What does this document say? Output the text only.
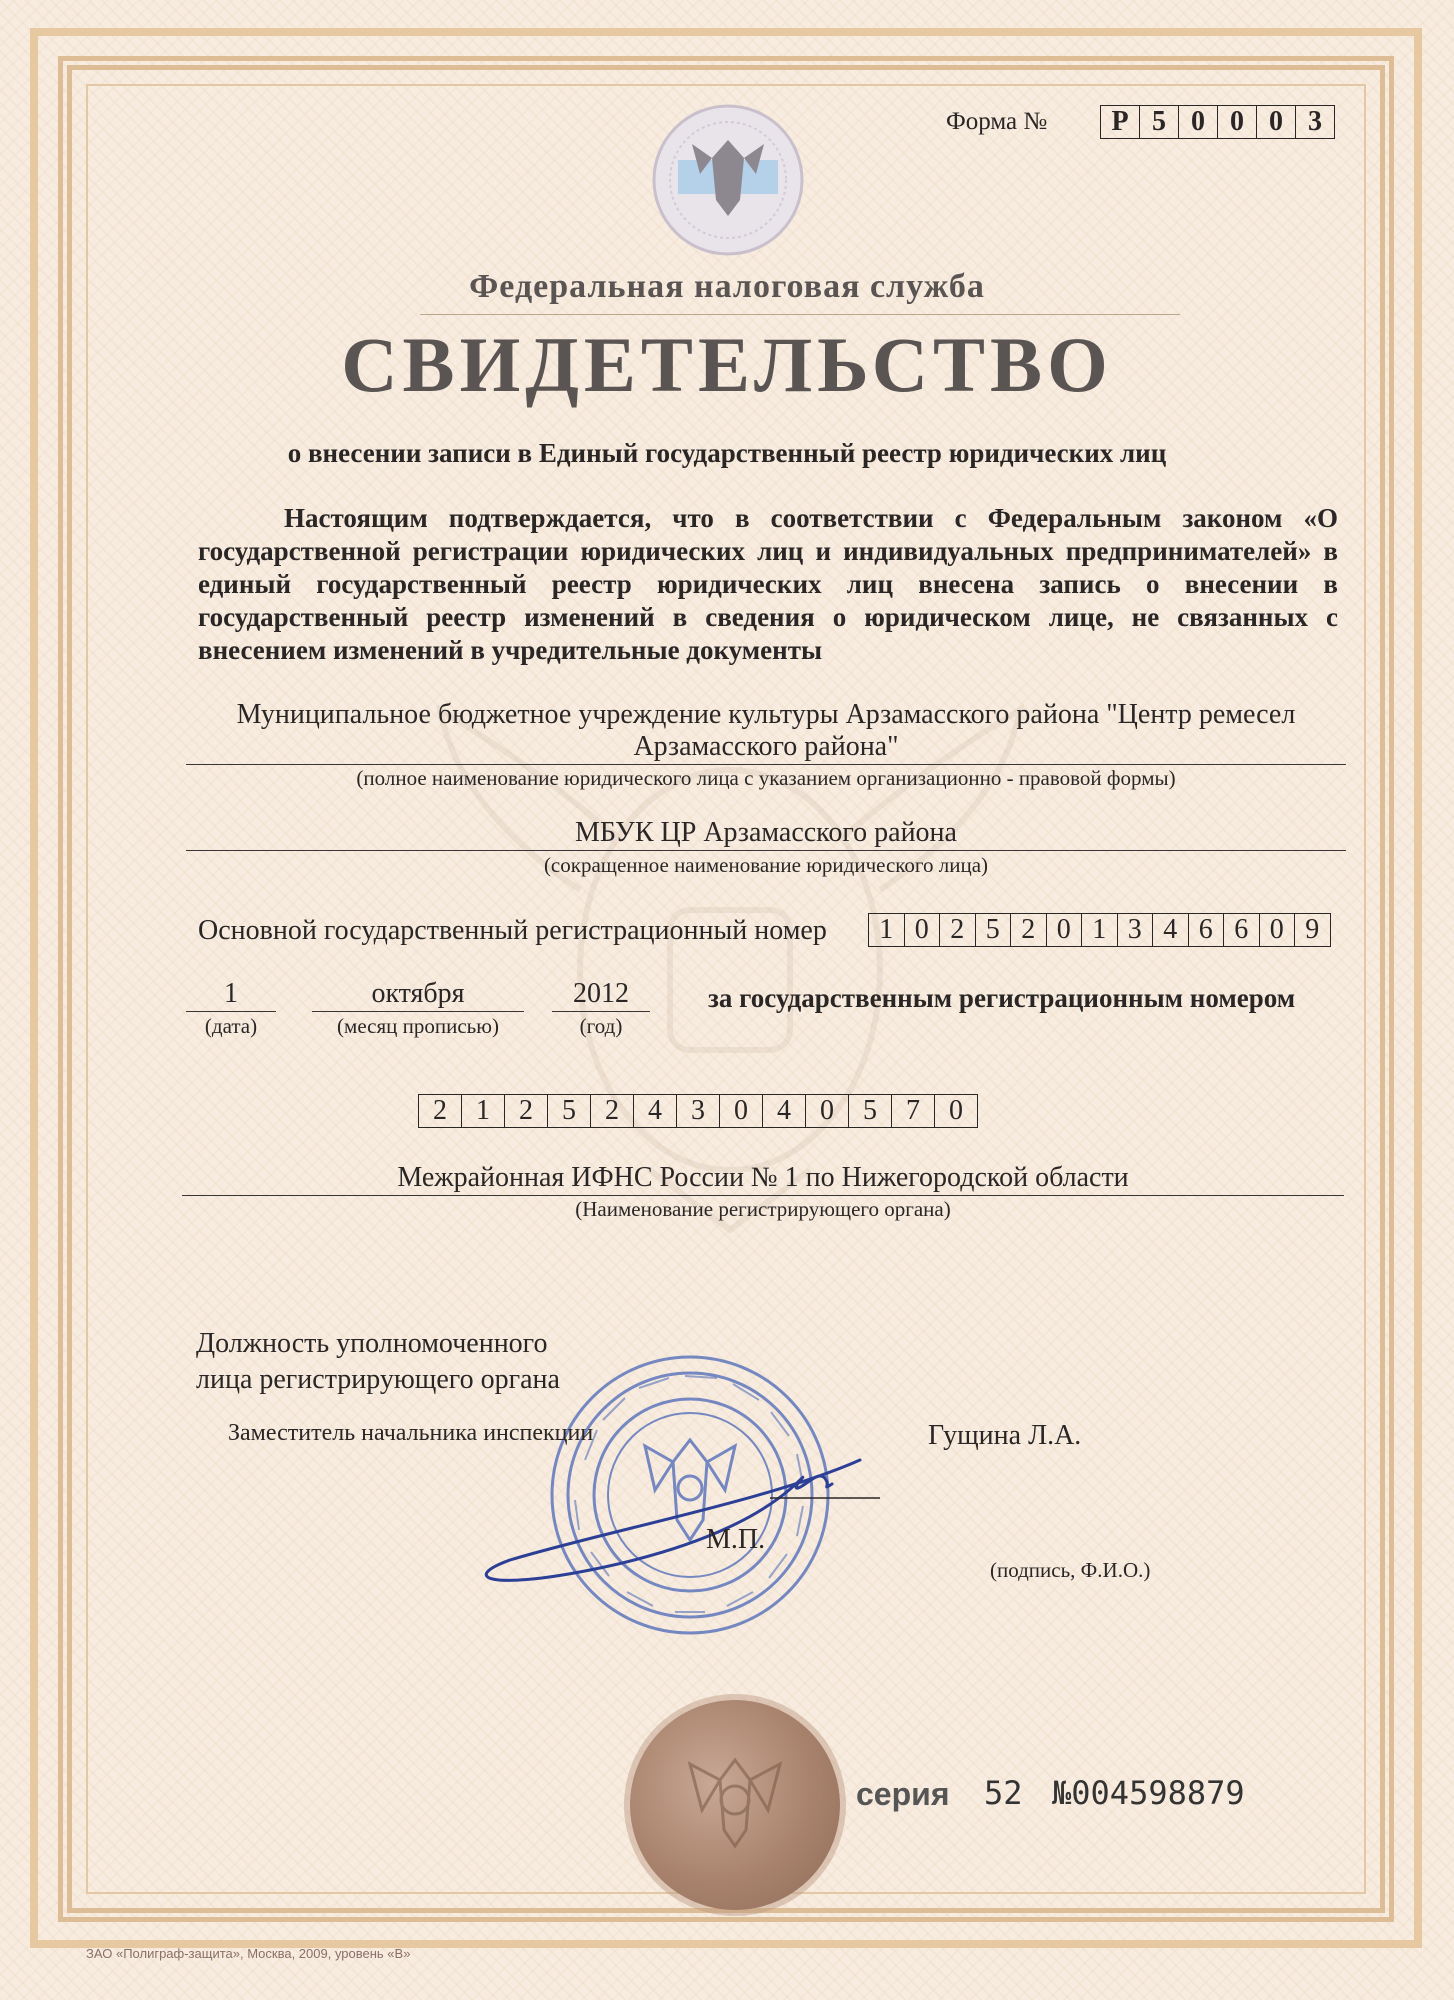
Форма №	Р 5 0 0 0 3
Федеральная налоговая служба
СВИДЕТЕЛЬСТВО
о внесении записи в Единый государственный реестр юридических лиц
Настоящим подтверждается, что в соответствии с Федеральным законом «О государственной регистрации юридических лиц и индивидуальных предпринимателей» в единый государственный реестр юридических лиц внесена запись о внесении в государственный реестр изменений в сведения о юридическом лице, не связанных с внесением изменений в учредительные документы
Муниципальное бюджетное учреждение культуры Арзамасского района "Центр ремесел
Арзамасского района"
(полное наименование юридического лица с указанием организационно - правовой формы)
МБУК ЦР Арзамасского района
(сокращенное наименование юридического лица)
Основной государственный регистрационный номер	1 0 2 5 2 0 1 3 4 6 6 0 9
1
(дата)
октября
(месяц прописью)
2012
(год)
за государственным регистрационным номером
2	1	2	5	2	4	3	0	4	0	5	7	0
Межрайонная ИФНС России № 1 по Нижегородской области
(Наименование регистрирующего органа)
Должность уполномоченного
лица регистрирующего органа
Заместитель начальника инспекции	Гущина Л.А.
М.П.
(подпись, Ф.И.О.)
серия 52 №004598879
ЗАО «Полиграф-защита», Москва, 2009, уровень «В»
